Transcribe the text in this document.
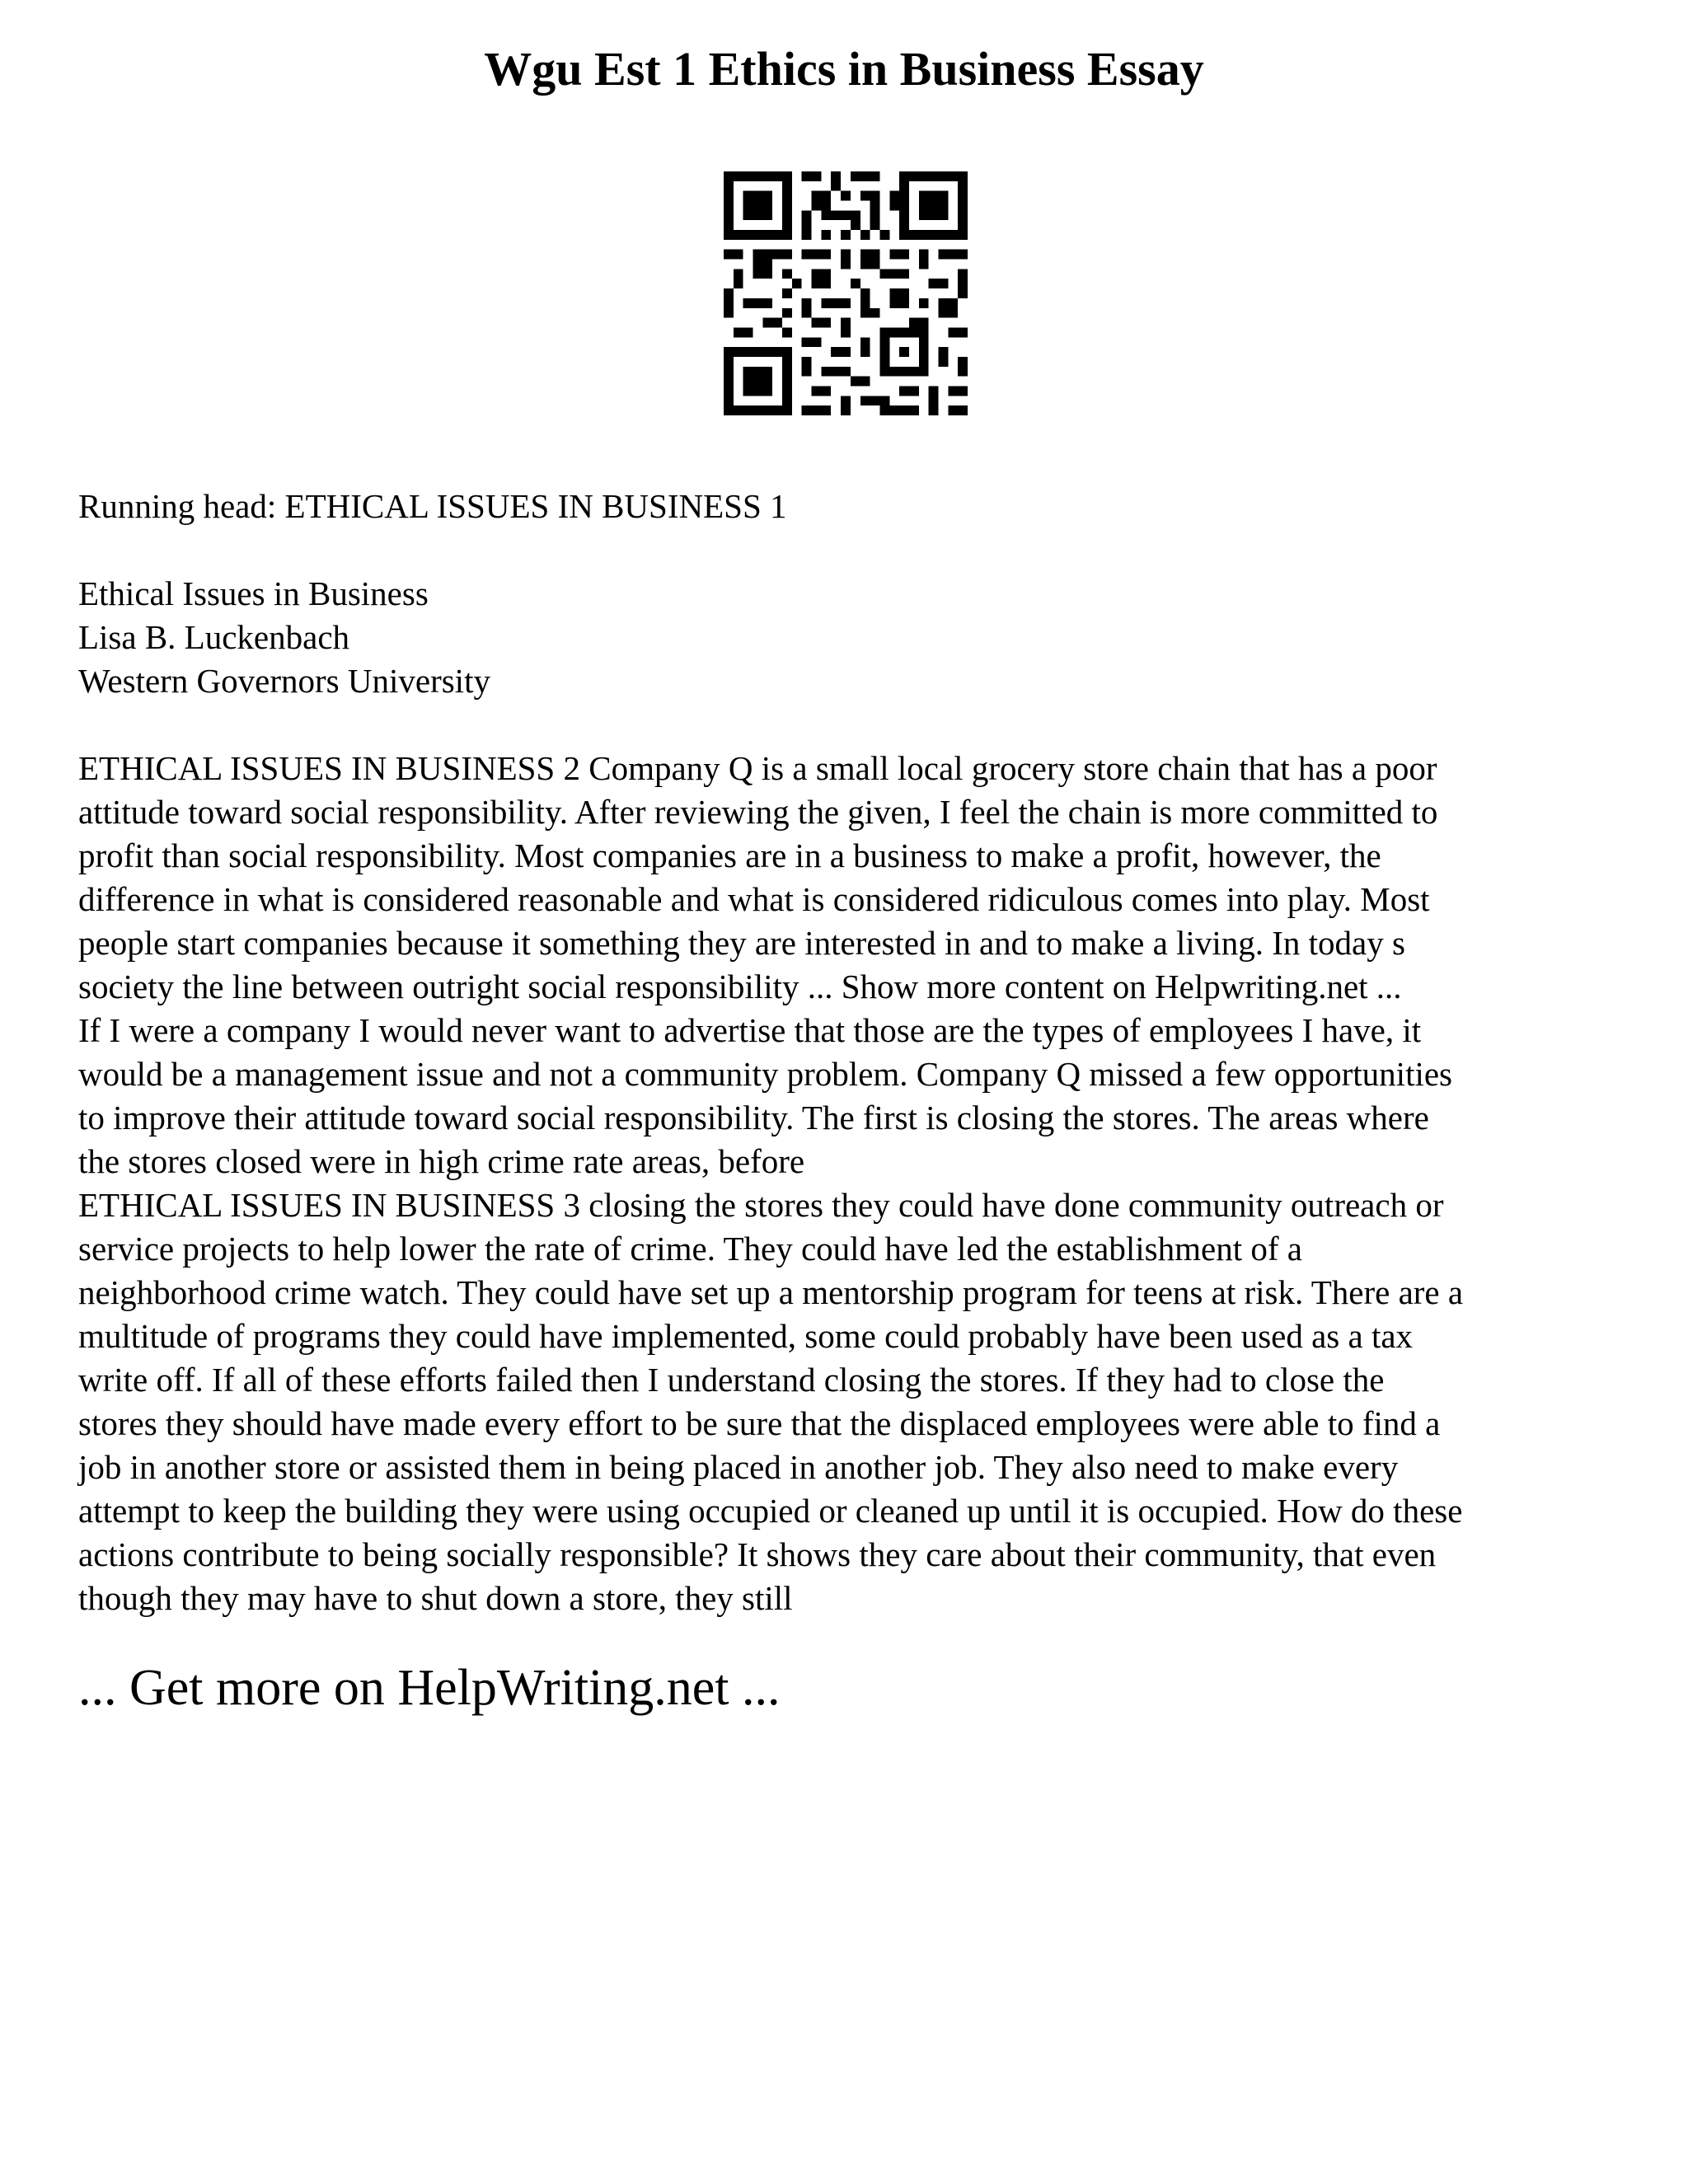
Wgu Est 1 Ethics in Business Essay

Running head: ETHICAL ISSUES IN BUSINESS 1

Ethical Issues in Business
Lisa B. Luckenbach
Western Governors University
ETHICAL ISSUES IN BUSINESS 2 Company Q is a small local grocery store chain that has a poor
attitude toward social responsibility. After reviewing the given, I feel the chain is more committed to
profit than social responsibility. Most companies are in a business to make a profit, however, the
difference in what is considered reasonable and what is considered ridiculous comes into play. Most
people start companies because it something they are interested in and to make a living. In today s
society the line between outright social responsibility ... Show more content on Helpwriting.net ...
If I were a company I would never want to advertise that those are the types of employees I have, it
would be a management issue and not a community problem. Company Q missed a few opportunities
to improve their attitude toward social responsibility. The first is closing the stores. The areas where
the stores closed were in high crime rate areas, before
ETHICAL ISSUES IN BUSINESS 3 closing the stores they could have done community outreach or
service projects to help lower the rate of crime. They could have led the establishment of a
neighborhood crime watch. They could have set up a mentorship program for teens at risk. There are a
multitude of programs they could have implemented, some could probably have been used as a tax
write off. If all of these efforts failed then I understand closing the stores. If they had to close the
stores they should have made every effort to be sure that the displaced employees were able to find a
job in another store or assisted them in being placed in another job. They also need to make every
attempt to keep the building they were using occupied or cleaned up until it is occupied. How do these
actions contribute to being socially responsible? It shows they care about their community, that even
though they may have to shut down a store, they still

... Get more on HelpWriting.net ...
